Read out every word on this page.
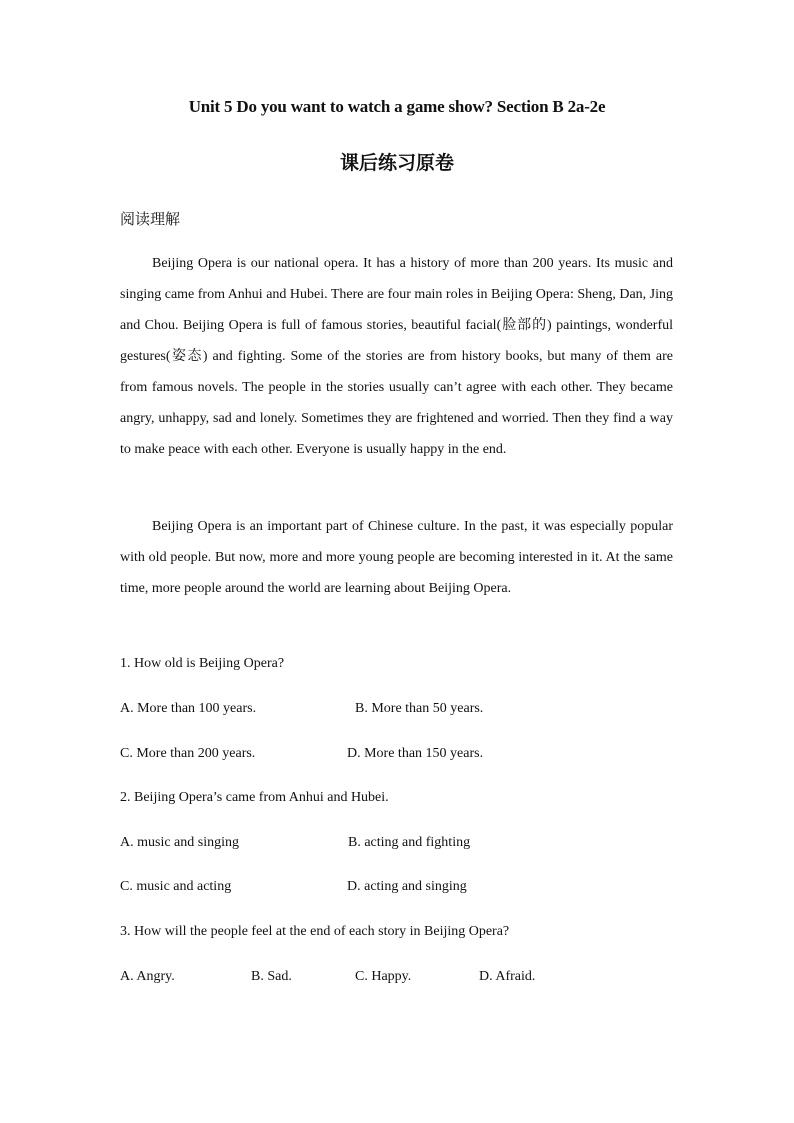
Unit 5 Do you want to watch a game show? Section B 2a-2e
课后练习原卷
阅读理解

Beijing Opera is our national opera. It has a history of more than 200 years. Its music and singing came from Anhui and Hubei. There are four main roles in Beijing Opera: Sheng, Dan, Jing and Chou. Beijing Opera is full of famous stories, beautiful facial(脸部的) paintings, wonderful gestures(姿态) and fighting. Some of the stories are from history books, but many of them are from famous novels. The people in the stories usually can’t agree with each other. They became angry, unhappy, sad and lonely. Sometimes they are frightened and worried. Then they find a way to make peace with each other. Everyone is usually happy in the end.

Beijing Opera is an important part of Chinese culture. In the past, it was especially popular with old people. But now, more and more young people are becoming interested in it. At the same time, more people around the world are learning about Beijing Opera.

1. How old is Beijing Opera?
A. More than 100 years.	B. More than 50 years.
C. More than 200 years.	D. More than 150 years.
2. Beijing Opera’s came from Anhui and Hubei.
A. music and singing	B. acting and fighting
C. music and acting	D. acting and singing
3. How will the people feel at the end of each story in Beijing Opera?
A. Angry.	B. Sad.	C. Happy.	D. Afraid.
